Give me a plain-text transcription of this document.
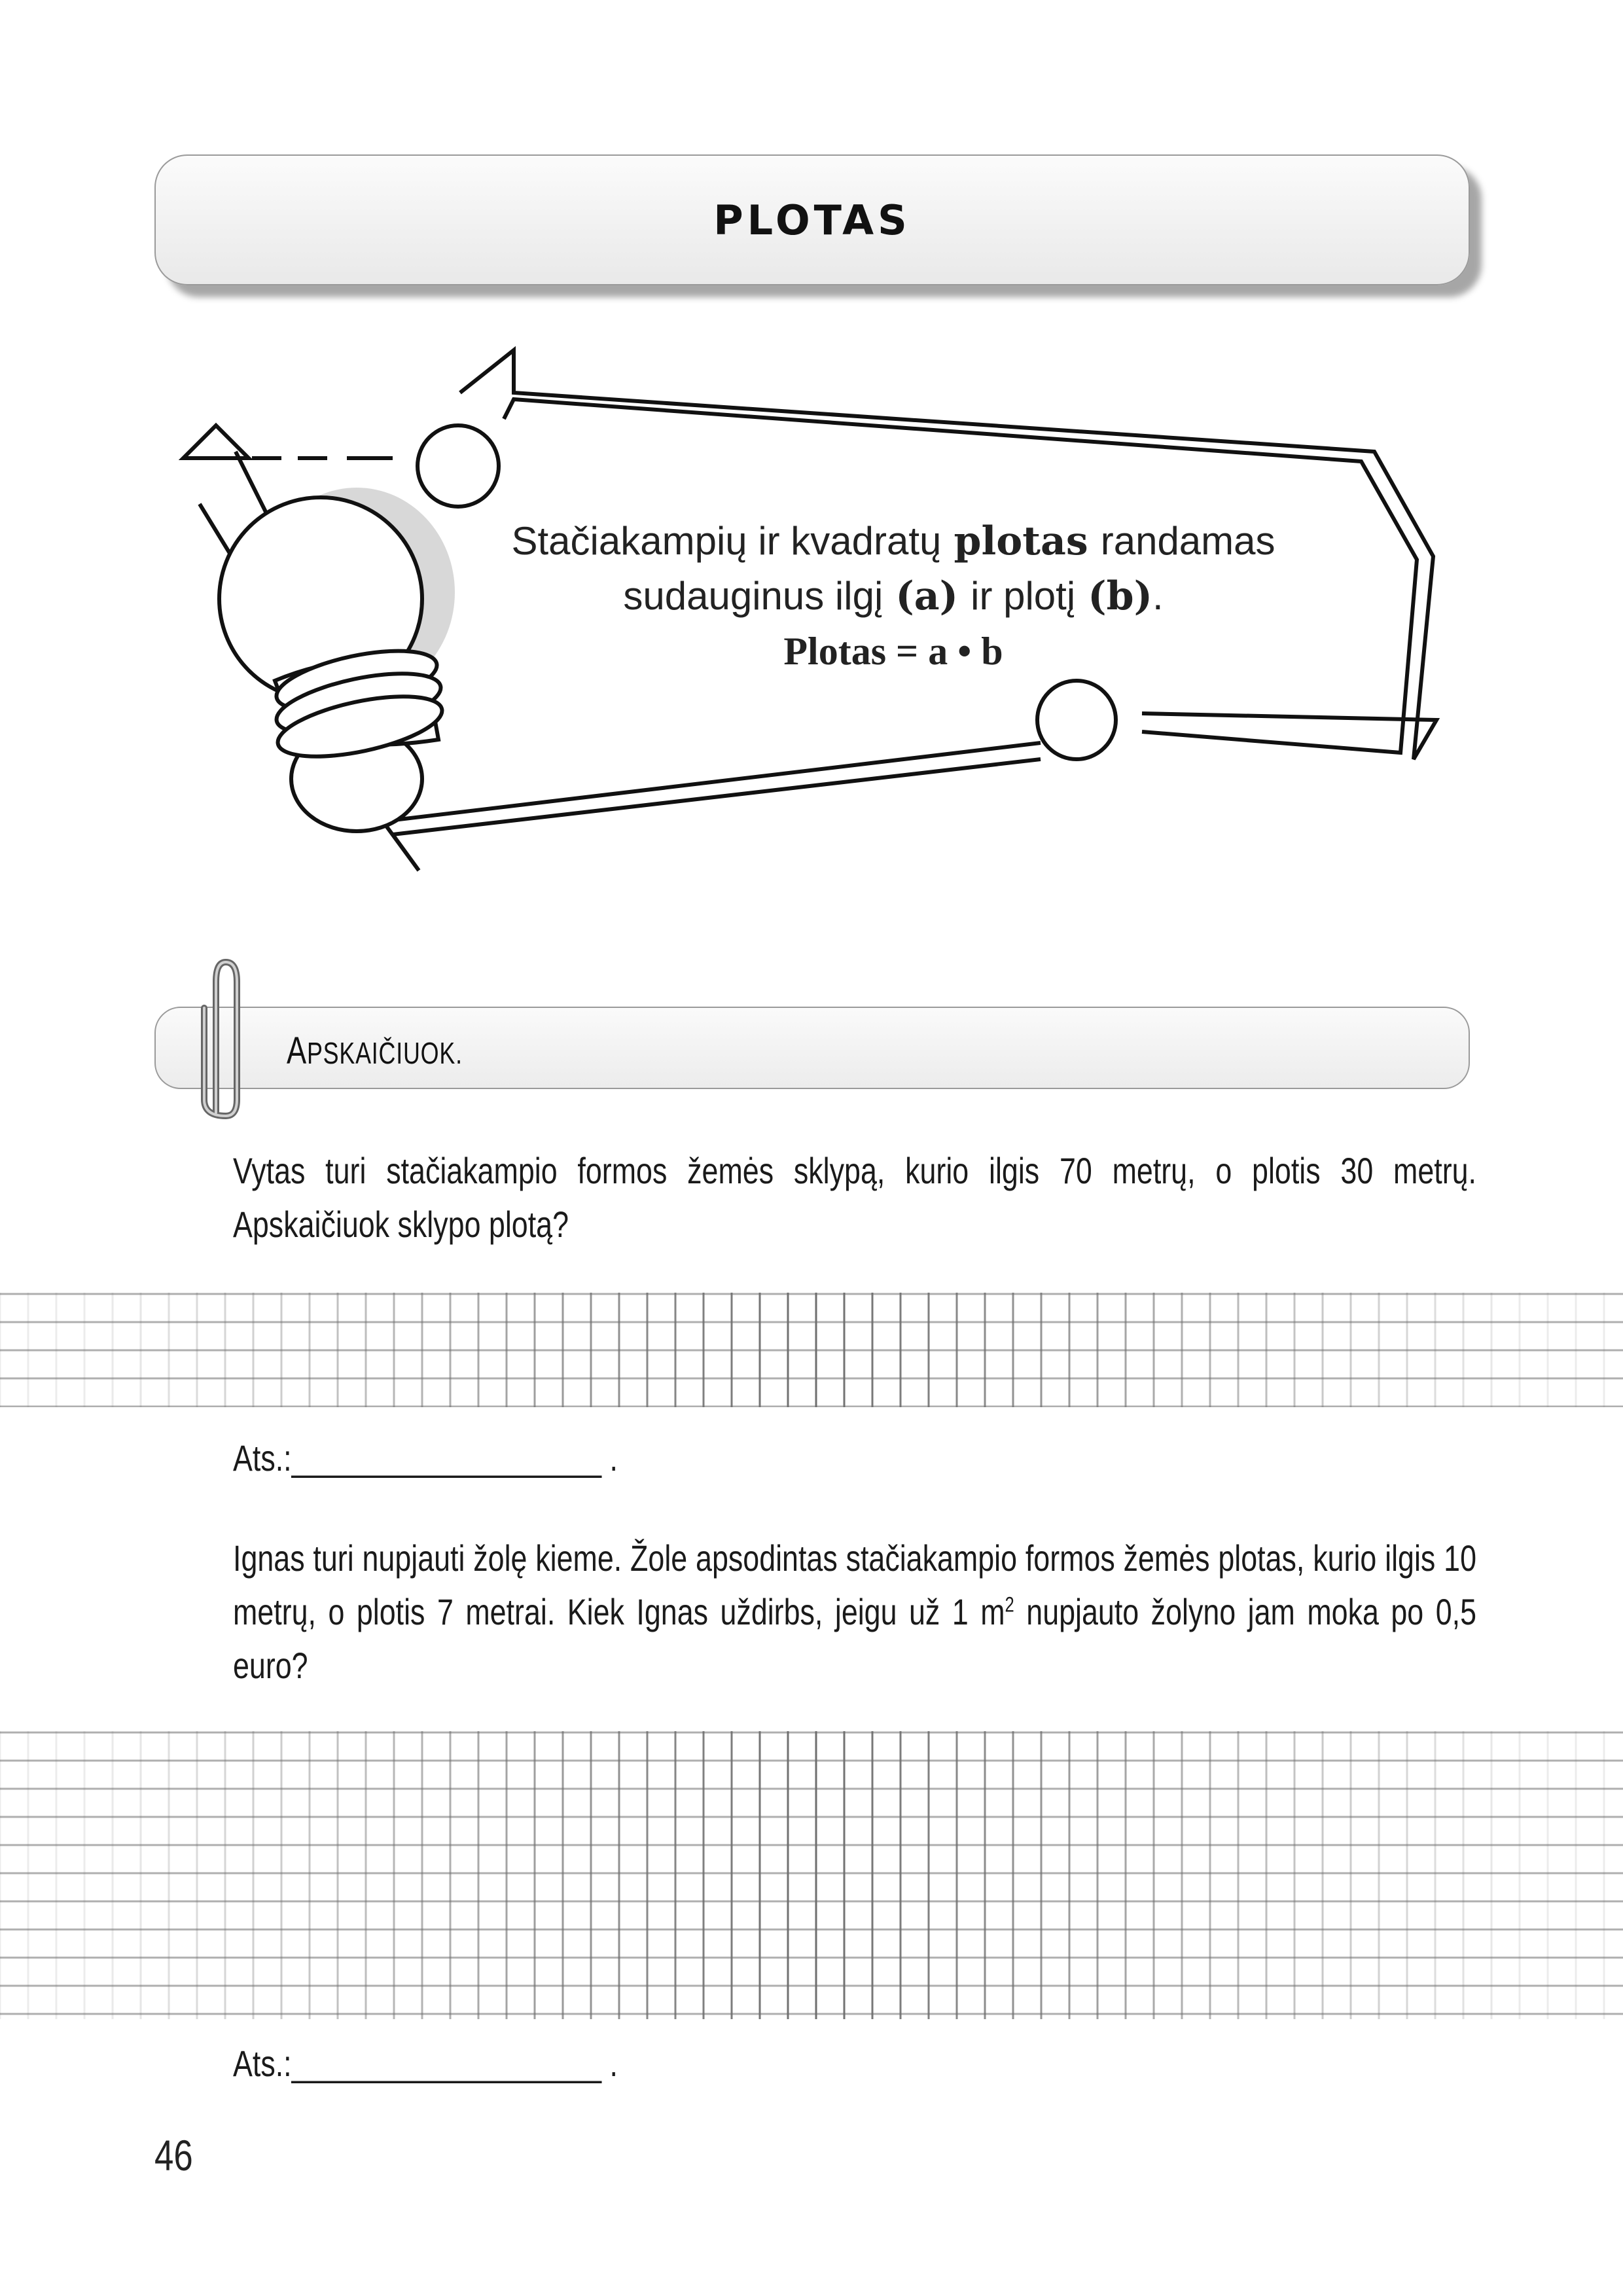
PLOTAS
Stačiakampių ir kvadratų plotas randamas
sudauginus ilgį (a) ir plotį (b).
Plotas = a • b
APSKAIČIUOK.

Vytas turi stačiakampio formos žemės sklypą, kurio ilgis 70 metrų, o plotis 30 metrų. Apskaičiuok sklypo plotą?

Ats.:___________________ .

Ignas turi nupjauti žolę kieme. Žole apsodintas stačiakampio formos žemės plotas, kurio ilgis 10 metrų, o plotis 7 metrai. Kiek Ignas uždirbs, jeigu už 1 $m^2$ nupjauto žolyno jam moka po 0,5 euro?

Ats.:___________________ .
46
